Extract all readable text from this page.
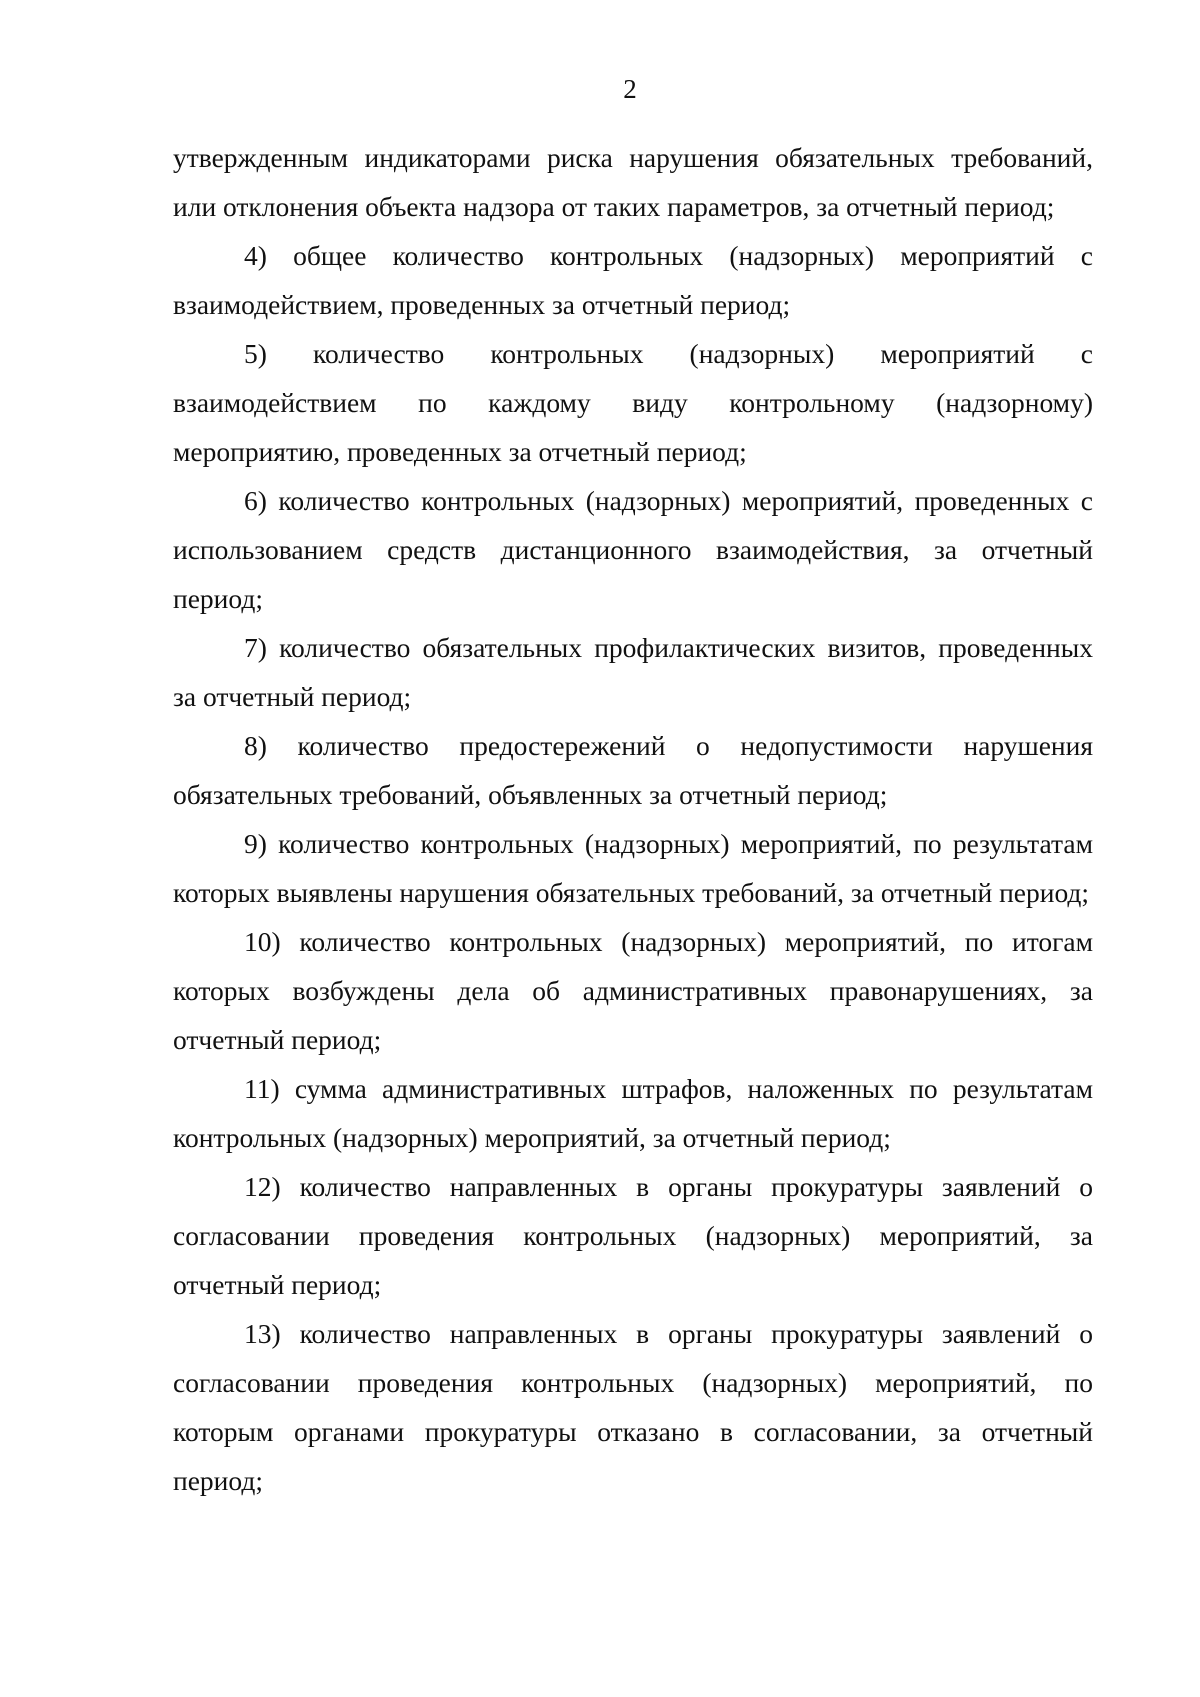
2

утвержденным индикаторами риска нарушения обязательных требований, или отклонения объекта надзора от таких параметров, за отчетный период;

4) общее количество контрольных (надзорных) мероприятий с взаимодействием, проведенных за отчетный период;

5) количество контрольных (надзорных) мероприятий с взаимодействием по каждому виду контрольному (надзорному) мероприятию, проведенных за отчетный период;

6) количество контрольных (надзорных) мероприятий, проведенных с использованием средств дистанционного взаимодействия, за отчетный период;

7) количество обязательных профилактических визитов, проведенных за отчетный период;

8) количество предостережений о недопустимости нарушения обязательных требований, объявленных за отчетный период;

9) количество контрольных (надзорных) мероприятий, по результатам которых выявлены нарушения обязательных требований, за отчетный период;

10) количество контрольных (надзорных) мероприятий, по итогам которых возбуждены дела об административных правонарушениях, за отчетный период;

11) сумма административных штрафов, наложенных по результатам контрольных (надзорных) мероприятий, за отчетный период;

12) количество направленных в органы прокуратуры заявлений о согласовании проведения контрольных (надзорных) мероприятий, за отчетный период;

13) количество направленных в органы прокуратуры заявлений о согласовании проведения контрольных (надзорных) мероприятий, по которым органами прокуратуры отказано в согласовании, за отчетный период;
